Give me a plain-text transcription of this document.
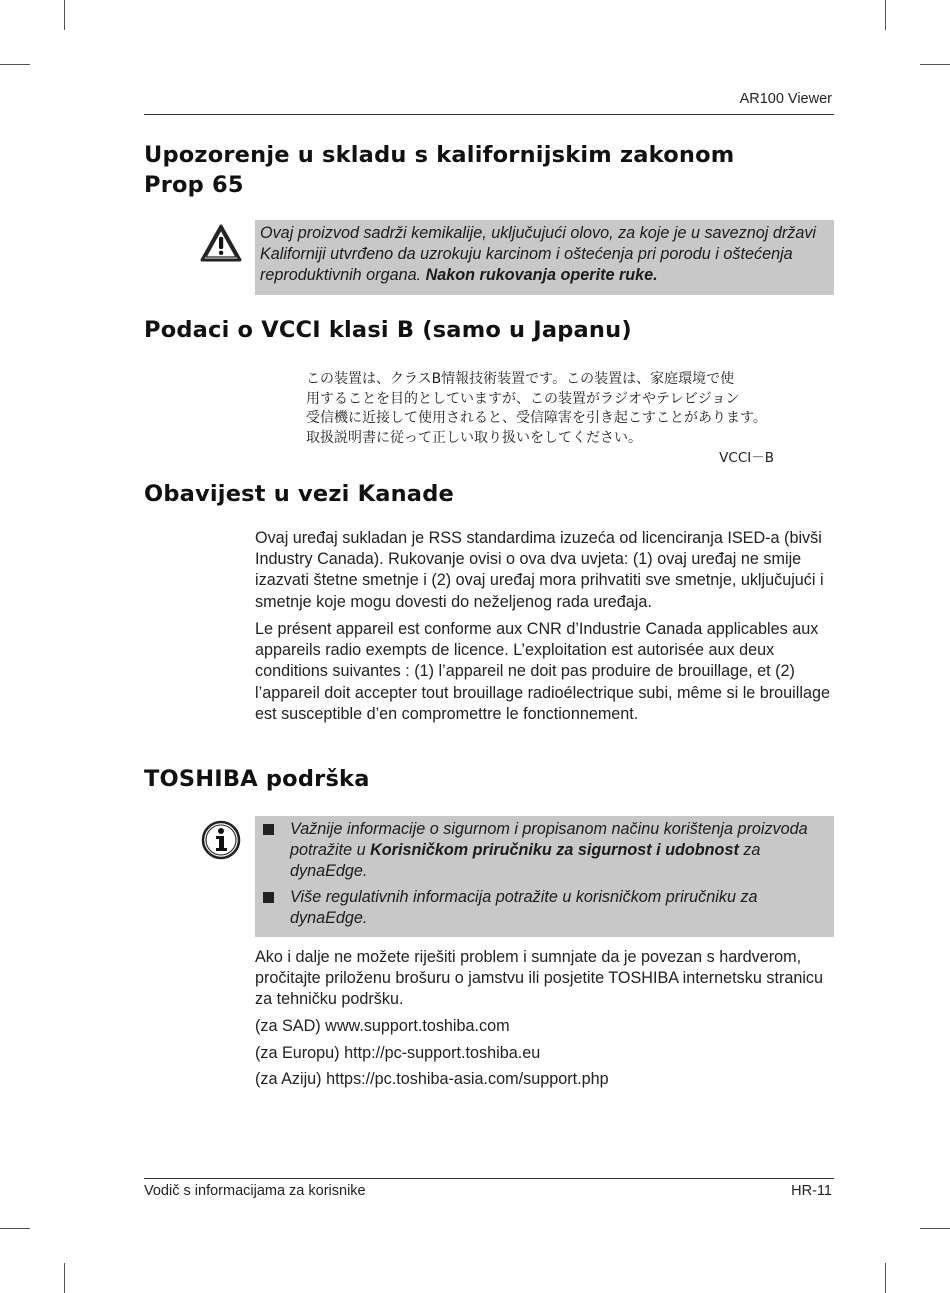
AR100 Viewer
Upozorenje u skladu s kalifornijskim zakonom
Prop 65
Ovaj proizvod sadrži kemikalije, uključujući olovo, za koje je u saveznoj državi Kaliforniji utvrđeno da uzrokuju karcinom i oštećenja pri porodu i oštećenja reproduktivnih organa. Nakon rukovanja operite ruke.
Podaci o VCCI klasi B (samo u Japanu)
この装置は、クラスB情報技術装置です。この装置は、家庭環境で使
用することを目的としていますが、この装置がラジオやテレビジョン
受信機に近接して使用されると、受信障害を引き起こすことがあります。
取扱説明書に従って正しい取り扱いをしてください。
VCCI－B
Obavijest u vezi Kanade
Ovaj uređaj sukladan je RSS standardima izuzeća od licenciranja ISED-a (bivši Industry Canada). Rukovanje ovisi o ova dva uvjeta: (1) ovaj uređaj ne smije izazvati štetne smetnje i (2) ovaj uređaj mora prihvatiti sve smetnje, uključujući i smetnje koje mogu dovesti do neželjenog rada uređaja.
Le présent appareil est conforme aux CNR d’Industrie Canada applicables aux appareils radio exempts de licence. L’exploitation est autorisée aux deux conditions suivantes : (1) l’appareil ne doit pas produire de brouillage, et (2) l’appareil doit accepter tout brouillage radioélectrique subi, même si le brouillage est susceptible d’en compromettre le fonctionnement.
TOSHIBA podrška
Važnije informacije o sigurnom i propisanom načinu korištenja proizvoda potražite u Korisničkom priručniku za sigurnost i udobnost za dynaEdge.
Više regulativnih informacija potražite u korisničkom priručniku za dynaEdge.
Ako i dalje ne možete riješiti problem i sumnjate da je povezan s hardverom, pročitajte priloženu brošuru o jamstvu ili posjetite TOSHIBA internetsku stranicu za tehničku podršku.
(za SAD) www.support.toshiba.com
(za Europu) http://pc-support.toshiba.eu
(za Aziju) https://pc.toshiba-asia.com/support.php
Vodič s informacijama za korisnike	HR-11
